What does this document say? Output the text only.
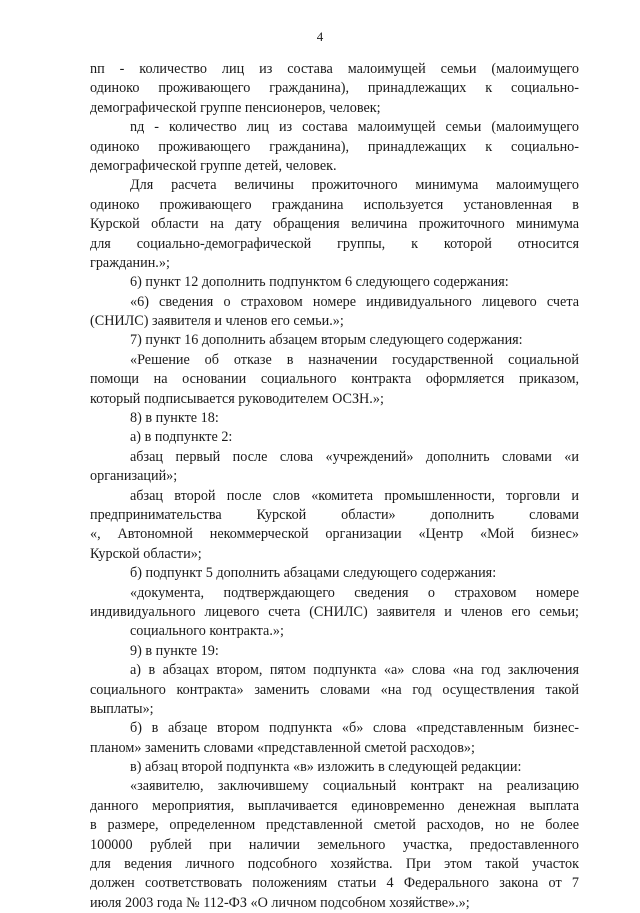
4
nп - количество лиц из состава малоимущей семьи (малоимущего
одиноко проживающего гражданина), принадлежащих к социально-
демографической группе пенсионеров, человек;
nд - количество лиц из состава малоимущей семьи (малоимущего
одиноко проживающего гражданина), принадлежащих к социально-
демографической группе детей, человек.
Для расчета величины прожиточного минимума малоимущего
одиноко проживающего гражданина используется установленная в
Курской области на дату обращения величина прожиточного минимума
для социально-демографической группы, к которой относится
гражданин.»;
6) пункт 12 дополнить подпунктом 6 следующего содержания:
«6) сведения о страховом номере индивидуального лицевого счета
(СНИЛС) заявителя и членов его семьи.»;
7) пункт 16 дополнить абзацем вторым следующего содержания:
«Решение об отказе в назначении государственной социальной
помощи на основании социального контракта оформляется приказом,
который подписывается руководителем ОСЗН.»;
8) в пункте 18:
а) в подпункте 2:
абзац первый после слова «учреждений» дополнить словами «и
организаций»;
абзац второй после слов «комитета промышленности, торговли и
предпринимательства Курской области» дополнить словами
«, Автономной некоммерческой организации «Центр «Мой бизнес»
Курской области»;
б) подпункт 5 дополнить абзацами следующего содержания:
«документа, подтверждающего сведения о страховом номере
индивидуального лицевого счета (СНИЛС) заявителя и членов его семьи;
социального контракта.»;
9) в пункте 19:
а) в абзацах втором, пятом подпункта «а» слова «на год заключения
социального контракта» заменить словами «на год осуществления такой
выплаты»;
б) в абзаце втором подпункта «б» слова «представленным бизнес-
планом» заменить словами «представленной сметой расходов»;
в) абзац второй подпункта «в» изложить в следующей редакции:
«заявителю, заключившему социальный контракт на реализацию
данного мероприятия, выплачивается единовременно денежная выплата
в размере, определенном представленной сметой расходов, но не более
100000 рублей при наличии земельного участка, предоставленного
для ведения личного подсобного хозяйства. При этом такой участок
должен соответствовать положениям статьи 4 Федерального закона от 7
июля 2003 года № 112-ФЗ «О личном подсобном хозяйстве».»;
